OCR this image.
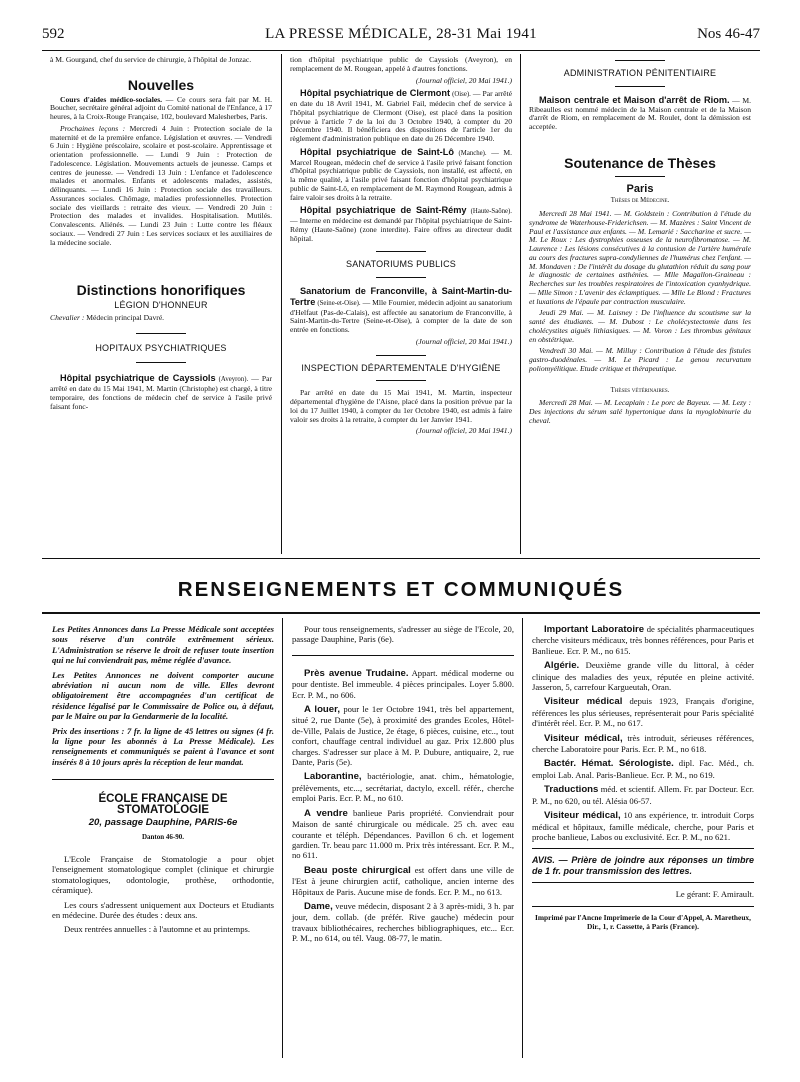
592	LA PRESSE MÉDICALE, 28-31 Mai 1941	Nos 46-47

à M. Gourgand, chef du service de chirurgie, à l'hôpital de Jonzac.

Nouvelles

Cours d'aides médico-sociales. — Ce cours sera fait par M. H. Boucher, secrétaire général adjoint du Comité national de l'Enfance, à 17 heures, à la Croix-Rouge Française, 102, boulevard Malesherbes, Paris.

Prochaines leçons : Mercredi 4 Juin : Protection sociale de la maternité et de la première enfance. Législation et œuvres. — Vendredi 6 Juin : Hygiène préscolaire, scolaire et post-scolaire. Apprentissage et orientation professionnelle. — Lundi 9 Juin : Protection de l'adolescence. Législation. Mouvements actuels de jeunesse. Camps et centres de jeunesse. — Vendredi 13 Juin : L'enfance et l'adolescence malades et anormales. Enfants et adolescents malades, assistés, délinquants. — Lundi 16 Juin : Protection sociale des travailleurs. Assurances sociales. Chômage, maladies professionnelles. Protection sociale des vieillards : retraite des vieux. — Vendredi 20 Juin : Protection des malades et invalides. Hospitalisation. Mutilés. Convalescents. Aliénés. — Lundi 23 Juin : Lutte contre les fléaux sociaux. — Vendredi 27 Juin : Les services sociaux et les auxiliaires de la médecine sociale.

Distinctions honorifiques
LÉGION D'HONNEUR

Chevalier : Médecin principal Davré.

HOPITAUX PSYCHIATRIQUES

Hôpital psychiatrique de Cayssiols (Aveyron). — Par arrêté en date du 15 Mai 1941, M. Martin (Christophe) est chargé, à titre temporaire, des fonctions de médecin chef de service à l'asile privé faisant fonc-

tion d'hôpital psychiatrique public de Cayssiols (Aveyron), en remplacement de M. Rougean, appelé à d'autres fonctions.

(Journal officiel, 20 Mai 1941.)

Hôpital psychiatrique de Clermont (Oise). — Par arrêté en date du 18 Avril 1941, M. Gabriel Fail, médecin chef de service à l'hôpital psychiatrique de Clermont (Oise), est placé dans la position prévue à l'article 7 de la loi du 3 Octobre 1940, à compter du 20 Décembre 1940. Il bénéficiera des dispositions de l'article 1er du règlement d'administration publique en date du 26 Décembre 1940.

Hôpital psychiatrique de Saint-Lô (Manche). — M. Marcel Rougean, médecin chef de service à l'asile privé faisant fonction d'hôpital psychiatrique public de Cayssiols, non installé, est affecté, en la même qualité, à l'asile privé faisant fonction d'hôpital psychiatrique public de Saint-Lô, en remplacement de M. Raymond Rougean, admis à faire valoir ses droits à la retraite.

Hôpital psychiatrique de Saint-Rémy (Haute-Saône). — Interne en médecine est demandé par l'hôpital psychiatrique de Saint-Rémy (Haute-Saône) (zone interdite). Faire offres au directeur dudit hôpital.

SANATORIUMS PUBLICS

Sanatorium de Franconville, à Saint-Martin-du-Tertre (Seine-et-Oise). — Mlle Fournier, médecin adjoint au sanatorium d'Helfaut (Pas-de-Calais), est affectée au sanatorium de Franconville, à Saint-Martin-du-Tertre (Seine-et-Oise), à compter de la date de son entrée en fonctions.

(Journal officiel, 20 Mai 1941.)

INSPECTION DÉPARTEMENTALE D'HYGIÈNE

Par arrêté en date du 15 Mai 1941, M. Martin, inspecteur départemental d'hygiène de l'Aisne, placé dans la position prévue par la loi du 17 Juillet 1940, à compter du 1er Octobre 1940, est admis à faire valoir ses droits à la retraite, à compter du 1er Janvier 1941.

(Journal officiel, 20 Mai 1941.)

ADMINISTRATION PÉNITENTIAIRE

Maison centrale et Maison d'arrêt de Riom. — M. Ribeaulles est nommé médecin de la Maison centrale et de la Maison d'arrêt de Riom, en remplacement de M. Roulet, dont la démission est acceptée.

Soutenance de Thèses
Paris
Thèses de Médecine.

Mercredi 28 Mai 1941. — M. Goldstein : Contribution à l'étude du syndrome de Waterhouse-Friderichsen. — M. Mazères : Saint Vincent de Paul et l'assistance aux enfants. — M. Lemarié : Saccharine et sucre. — M. Le Roux : Les dystrophies osseuses de la neurofibromatose. — M. Laurence : Les lésions consécutives à la contusion de l'artère humérale au cours des fractures supra-condyliennes de l'humérus chez l'enfant. — M. Mondaven : De l'intérêt du dosage du glutathion réduit du sang pour le diagnostic de certaines asthénies. — Mlle Magallon-Graineau : Recherches sur les troubles respiratoires de l'intoxication cyanhydrique. — Mlle Simon : L'avenir des éclamptiques. — Mlle Le Blond : Fractures et luxations de l'épaule par contraction musculaire.

Jeudi 29 Mai. — M. Laisney : De l'influence du scoutisme sur la santé des étudiants. — M. Dubost : Le cholécystectomie dans les cholécystites aiguës lithiasiques. — M. Voron : Les thrombus génitaux en obstétrique.

Vendredi 30 Mai. — M. Milluy : Contribution à l'étude des fistules gastro-duodénales. — M. Le Picard : Le genou recurvatum poliomyélitique. Etude critique et thérapeutique.

Thèses vétérinaires.

Mercredi 28 Mai. — M. Lecaplain : Le porc de Bayeux. — M. Lezy : Des injections du sérum salé hypertonique dans la myoglobinurie du cheval.

RENSEIGNEMENTS ET COMMUNIQUÉS

Les Petites Annonces dans La Presse Médicale sont acceptées sous réserve d'un contrôle extrêmement sérieux. L'Administration se réserve le droit de refuser toute insertion qui ne lui conviendrait pas, même réglée d'avance.

Les Petites Annonces ne doivent comporter aucune abréviation ni aucun nom de ville. Elles devront obligatoirement être accompagnées d'un certificat de résidence légalisé par le Commissaire de Police ou, à défaut, par le Maire ou par la Gendarmerie de la localité.

Prix des insertions : 7 fr. la ligne de 45 lettres ou signes (4 fr. la ligne pour les abonnés à La Presse Médicale). Les renseignements et communiqués se paient à l'avance et sont insérés 8 à 10 jours après la réception de leur mandat.

ÉCOLE FRANÇAISE DE STOMATOLOGIE
20, passage Dauphine, PARIS-6e
Danton 46-90.

L'Ecole Française de Stomatologie a pour objet l'enseignement stomatologique complet (clinique et chirurgie stomatologiques, odontologie, prothèse, orthodontie, céramique).

Les cours s'adressent uniquement aux Docteurs et Etudiants en médecine. Durée des études : deux ans.

Deux rentrées annuelles : à l'automne et au printemps.

Pour tous renseignements, s'adresser au siège de l'Ecole, 20, passage Dauphine, Paris (6e).

Près avenue Trudaine. Appart. médical moderne ou pour dentiste. Bel immeuble. 4 pièces principales. Loyer 5.800. Ecr. P. M., no 606.

A louer, pour le 1er Octobre 1941, très bel appartement, situé 2, rue Dante (5e), à proximité des grandes Ecoles, Hôtel-de-Ville, Palais de Justice, 2e étage, 6 pièces, cuisine, etc.., tout confort, chauffage central individuel au gaz. Prix 12.800 plus charges. S'adresser sur place à M. P. Dubure, antiquaire, 2, rue Dante, Paris (5e).

Laborantine, bactériologie, anat. chim., hématologie, prélèvements, etc..., secrétariat, dactylo, excell. référ., cherche emploi Paris. Ecr. P. M., no 610.

A vendre banlieue Paris propriété. Conviendrait pour Maison de santé chirurgicale ou médicale. 25 ch. avec eau courante et téléph. Dépendances. Pavillon 6 ch. et logement gardien. Tr. beau parc 11.000 m. Prix très intéressant. Ecr. P. M., no 611.

Beau poste chirurgical est offert dans une ville de l'Est à jeune chirurgien actif, catholique, ancien interne des Hôpitaux de Paris. Aucune mise de fonds. Ecr. P. M., no 613.

Dame, veuve médecin, disposant 2 à 3 après-midi, 3 h. par jour, dem. collab. (de préfér. Rive gauche) médecin pour travaux bibliothécaires, recherches bibliographiques, etc... Ecr. P. M., no 614, ou tél. Vaug. 08-77, le matin.

Important Laboratoire de spécialités pharmaceutiques cherche visiteurs médicaux, très bonnes références, pour Paris et Banlieue. Ecr. P. M., no 615.

Algérie. Deuxième grande ville du littoral, à céder clinique des maladies des yeux, réputée en pleine activité. Jasseron, 5, carrefour Kargueutah, Oran.

Visiteur médical depuis 1923, Français d'origine, références les plus sérieuses, représenterait pour Paris spécialité d'intérêt réel. Ecr. P. M., no 617.

Visiteur médical, très introduit, sérieuses références, cherche Laboratoire pour Paris. Ecr. P. M., no 618.

Bactér. Hémat. Sérologiste. dipl. Fac. Méd., ch. emploi Lab. Anal. Paris-Banlieue. Ecr. P. M., no 619.

Traductions méd. et scientif. Allem. Fr. par Docteur. Ecr. P. M., no 620, ou tél. Alésia 06-57.

Visiteur médical, 10 ans expérience, tr. introduit Corps médical et hôpitaux, famille médicale, cherche, pour Paris et proche banlieue, Labos ou exclusivité. Ecr. P. M., no 621.

AVIS. — Prière de joindre aux réponses un timbre de 1 fr. pour transmission des lettres.

Le gérant: F. Amirault.

Imprimé par l'Ancne Imprimerie de la Cour d'Appel, A. Maretheux, Dir., 1, r. Cassette, à Paris (France).
